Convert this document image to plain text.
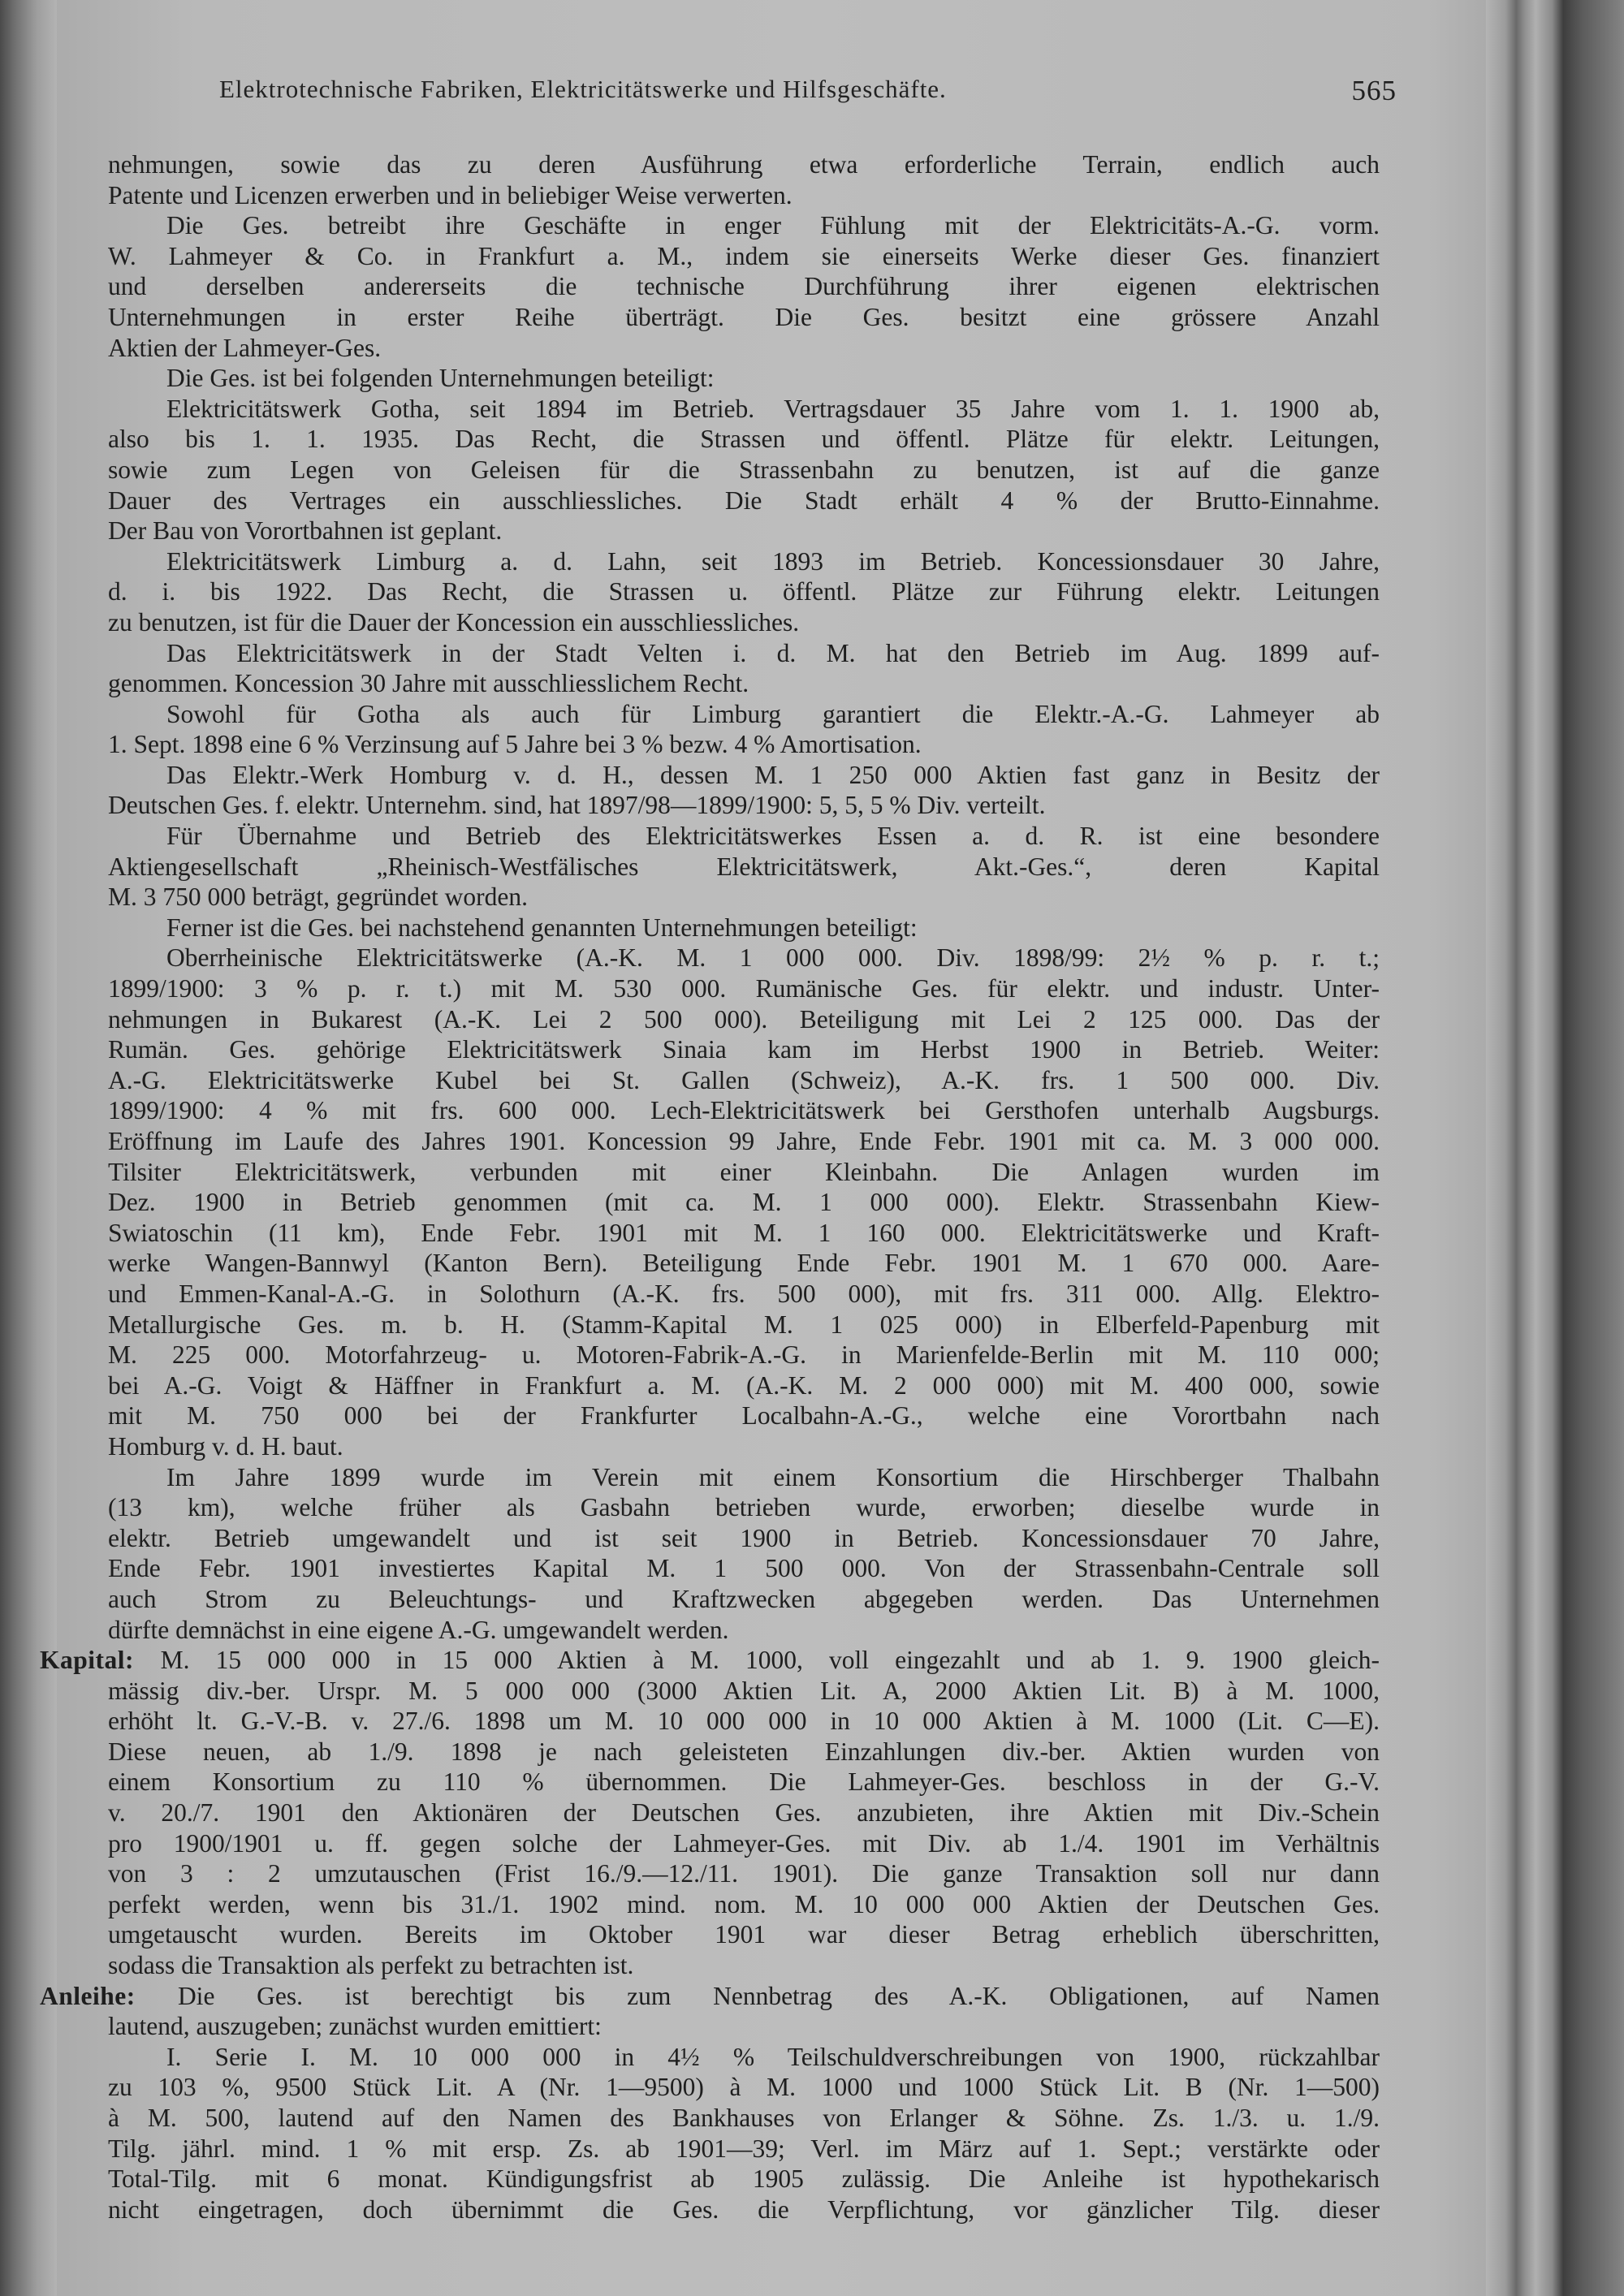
Elektrotechnische Fabriken, Elektricitätswerke und Hilfsgeschäfte.	565
nehmungen, sowie das zu deren Ausführung etwa erforderliche Terrain, endlich auch
Patente und Licenzen erwerben und in beliebiger Weise verwerten.
Die Ges. betreibt ihre Geschäfte in enger Fühlung mit der Elektricitäts-A.-G. vorm.
W. Lahmeyer & Co. in Frankfurt a. M., indem sie einerseits Werke dieser Ges. finanziert
und derselben andererseits die technische Durchführung ihrer eigenen elektrischen
Unternehmungen in erster Reihe überträgt. Die Ges. besitzt eine grössere Anzahl
Aktien der Lahmeyer-Ges.
Die Ges. ist bei folgenden Unternehmungen beteiligt:
Elektricitätswerk Gotha, seit 1894 im Betrieb. Vertragsdauer 35 Jahre vom 1. 1. 1900 ab,
also bis 1. 1. 1935. Das Recht, die Strassen und öffentl. Plätze für elektr. Leitungen,
sowie zum Legen von Geleisen für die Strassenbahn zu benutzen, ist auf die ganze
Dauer des Vertrages ein ausschliessliches. Die Stadt erhält 4 % der Brutto-Einnahme.
Der Bau von Vorortbahnen ist geplant.
Elektricitätswerk Limburg a. d. Lahn, seit 1893 im Betrieb. Koncessionsdauer 30 Jahre,
d. i. bis 1922. Das Recht, die Strassen u. öffentl. Plätze zur Führung elektr. Leitungen
zu benutzen, ist für die Dauer der Koncession ein ausschliessliches.
Das Elektricitätswerk in der Stadt Velten i. d. M. hat den Betrieb im Aug. 1899 auf-
genommen. Koncession 30 Jahre mit ausschliesslichem Recht.
Sowohl für Gotha als auch für Limburg garantiert die Elektr.-A.-G. Lahmeyer ab
1. Sept. 1898 eine 6 % Verzinsung auf 5 Jahre bei 3 % bezw. 4 % Amortisation.
Das Elektr.-Werk Homburg v. d. H., dessen M. 1 250 000 Aktien fast ganz in Besitz der
Deutschen Ges. f. elektr. Unternehm. sind, hat 1897/98—1899/1900: 5, 5, 5 % Div. verteilt.
Für Übernahme und Betrieb des Elektricitätswerkes Essen a. d. R. ist eine besondere
Aktiengesellschaft „Rheinisch-Westfälisches Elektricitätswerk, Akt.-Ges.“, deren Kapital
M. 3 750 000 beträgt, gegründet worden.
Ferner ist die Ges. bei nachstehend genannten Unternehmungen beteiligt:
Oberrheinische Elektricitätswerke (A.-K. M. 1 000 000. Div. 1898/99: 2½ % p. r. t.;
1899/1900: 3 % p. r. t.) mit M. 530 000. Rumänische Ges. für elektr. und industr. Unter-
nehmungen in Bukarest (A.-K. Lei 2 500 000). Beteiligung mit Lei 2 125 000. Das der
Rumän. Ges. gehörige Elektricitätswerk Sinaia kam im Herbst 1900 in Betrieb. Weiter:
A.-G. Elektricitätswerke Kubel bei St. Gallen (Schweiz), A.-K. frs. 1 500 000. Div.
1899/1900: 4 % mit frs. 600 000. Lech-Elektricitätswerk bei Gersthofen unterhalb Augsburgs.
Eröffnung im Laufe des Jahres 1901. Koncession 99 Jahre, Ende Febr. 1901 mit ca. M. 3 000 000.
Tilsiter Elektricitätswerk, verbunden mit einer Kleinbahn. Die Anlagen wurden im
Dez. 1900 in Betrieb genommen (mit ca. M. 1 000 000). Elektr. Strassenbahn Kiew-
Swiatoschin (11 km), Ende Febr. 1901 mit M. 1 160 000. Elektricitätswerke und Kraft-
werke Wangen-Bannwyl (Kanton Bern). Beteiligung Ende Febr. 1901 M. 1 670 000. Aare-
und Emmen-Kanal-A.-G. in Solothurn (A.-K. frs. 500 000), mit frs. 311 000. Allg. Elektro-
Metallurgische Ges. m. b. H. (Stamm-Kapital M. 1 025 000) in Elberfeld-Papenburg mit
M. 225 000. Motorfahrzeug- u. Motoren-Fabrik-A.-G. in Marienfelde-Berlin mit M. 110 000;
bei A.-G. Voigt & Häffner in Frankfurt a. M. (A.-K. M. 2 000 000) mit M. 400 000, sowie
mit M. 750 000 bei der Frankfurter Localbahn-A.-G., welche eine Vorortbahn nach
Homburg v. d. H. baut.
Im Jahre 1899 wurde im Verein mit einem Konsortium die Hirschberger Thalbahn
(13 km), welche früher als Gasbahn betrieben wurde, erworben; dieselbe wurde in
elektr. Betrieb umgewandelt und ist seit 1900 in Betrieb. Koncessionsdauer 70 Jahre,
Ende Febr. 1901 investiertes Kapital M. 1 500 000. Von der Strassenbahn-Centrale soll
auch Strom zu Beleuchtungs- und Kraftzwecken abgegeben werden. Das Unternehmen
dürfte demnächst in eine eigene A.-G. umgewandelt werden.
Kapital: M. 15 000 000 in 15 000 Aktien à M. 1000, voll eingezahlt und ab 1. 9. 1900 gleich-
mässig div.-ber. Urspr. M. 5 000 000 (3000 Aktien Lit. A, 2000 Aktien Lit. B) à M. 1000,
erhöht lt. G.-V.-B. v. 27./6. 1898 um M. 10 000 000 in 10 000 Aktien à M. 1000 (Lit. C—E).
Diese neuen, ab 1./9. 1898 je nach geleisteten Einzahlungen div.-ber. Aktien wurden von
einem Konsortium zu 110 % übernommen. Die Lahmeyer-Ges. beschloss in der G.-V.
v. 20./7. 1901 den Aktionären der Deutschen Ges. anzubieten, ihre Aktien mit Div.-Schein
pro 1900/1901 u. ff. gegen solche der Lahmeyer-Ges. mit Div. ab 1./4. 1901 im Verhältnis
von 3 : 2 umzutauschen (Frist 16./9.—12./11. 1901). Die ganze Transaktion soll nur dann
perfekt werden, wenn bis 31./1. 1902 mind. nom. M. 10 000 000 Aktien der Deutschen Ges.
umgetauscht wurden. Bereits im Oktober 1901 war dieser Betrag erheblich überschritten,
sodass die Transaktion als perfekt zu betrachten ist.
Anleihe: Die Ges. ist berechtigt bis zum Nennbetrag des A.-K. Obligationen, auf Namen
lautend, auszugeben; zunächst wurden emittiert:
I. Serie I. M. 10 000 000 in 4½ % Teilschuldverschreibungen von 1900, rückzahlbar
zu 103 %, 9500 Stück Lit. A (Nr. 1—9500) à M. 1000 und 1000 Stück Lit. B (Nr. 1—500)
à M. 500, lautend auf den Namen des Bankhauses von Erlanger & Söhne. Zs. 1./3. u. 1./9.
Tilg. jährl. mind. 1 % mit ersp. Zs. ab 1901—39; Verl. im März auf 1. Sept.; verstärkte oder
Total-Tilg. mit 6 monat. Kündigungsfrist ab 1905 zulässig. Die Anleihe ist hypothekarisch
nicht eingetragen, doch übernimmt die Ges. die Verpflichtung, vor gänzlicher Tilg. dieser
